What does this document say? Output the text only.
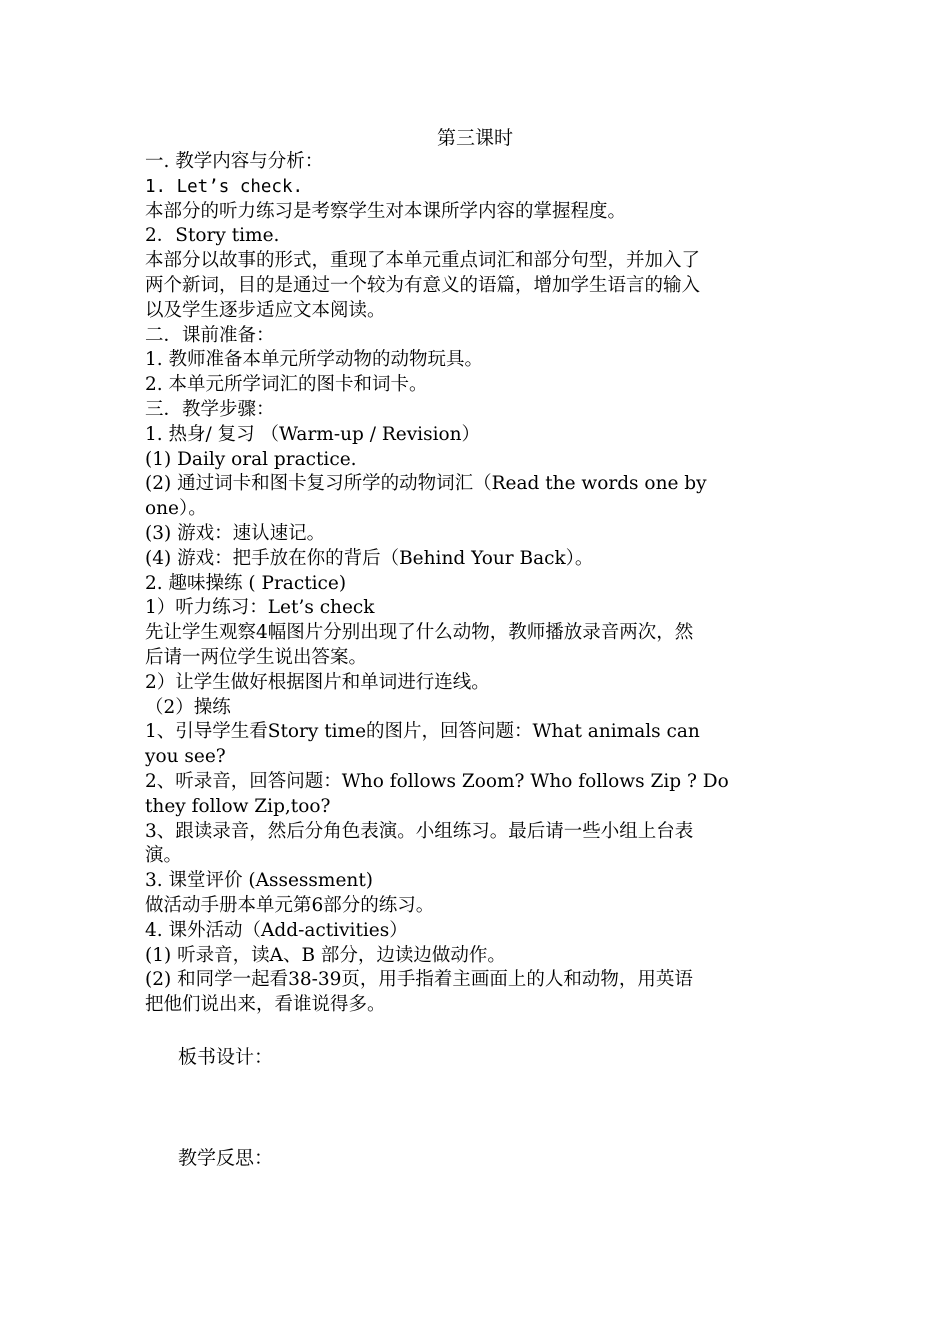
第三课时
一. 教学内容与分析：
1. Let’s check.
本部分的听力练习是考察学生对本课所学内容的掌握程度。
2．Story time.
本部分以故事的形式，重现了本单元重点词汇和部分句型，并加入了
两个新词，目的是通过一个较为有意义的语篇，增加学生语言的输入
以及学生逐步适应文本阅读。
二．课前准备：
1. 教师准备本单元所学动物的动物玩具。
2. 本单元所学词汇的图卡和词卡。
三．教学步骤：
1. 热身/ 复习 （Warm-up / Revision）
(1) Daily oral practice.
(2) 通过词卡和图卡复习所学的动物词汇（Read the words one by
one）。
(3) 游戏：速认速记。
(4) 游戏：把手放在你的背后（Behind Your Back）。
2. 趣味操练 ( Practice)
1）听力练习：Let’s check
先让学生观察4幅图片分别出现了什么动物，教师播放录音两次，然
后请一两位学生说出答案。
2）让学生做好根据图片和单词进行连线。
（2）操练
1、引导学生看Story time的图片，回答问题：What animals can
you see?
2、听录音，回答问题：Who follows Zoom? Who follows Zip ? Do
they follow Zip,too?
3、跟读录音，然后分角色表演。小组练习。最后请一些小组上台表
演。
3. 课堂评价 (Assessment)
做活动手册本单元第6部分的练习。
4. 课外活动（Add-activities）
(1) 听录音，读A、B 部分，边读边做动作。
(2) 和同学一起看38-39页，用手指着主画面上的人和动物，用英语
把他们说出来，看谁说得多。
板书设计：
教学反思：
